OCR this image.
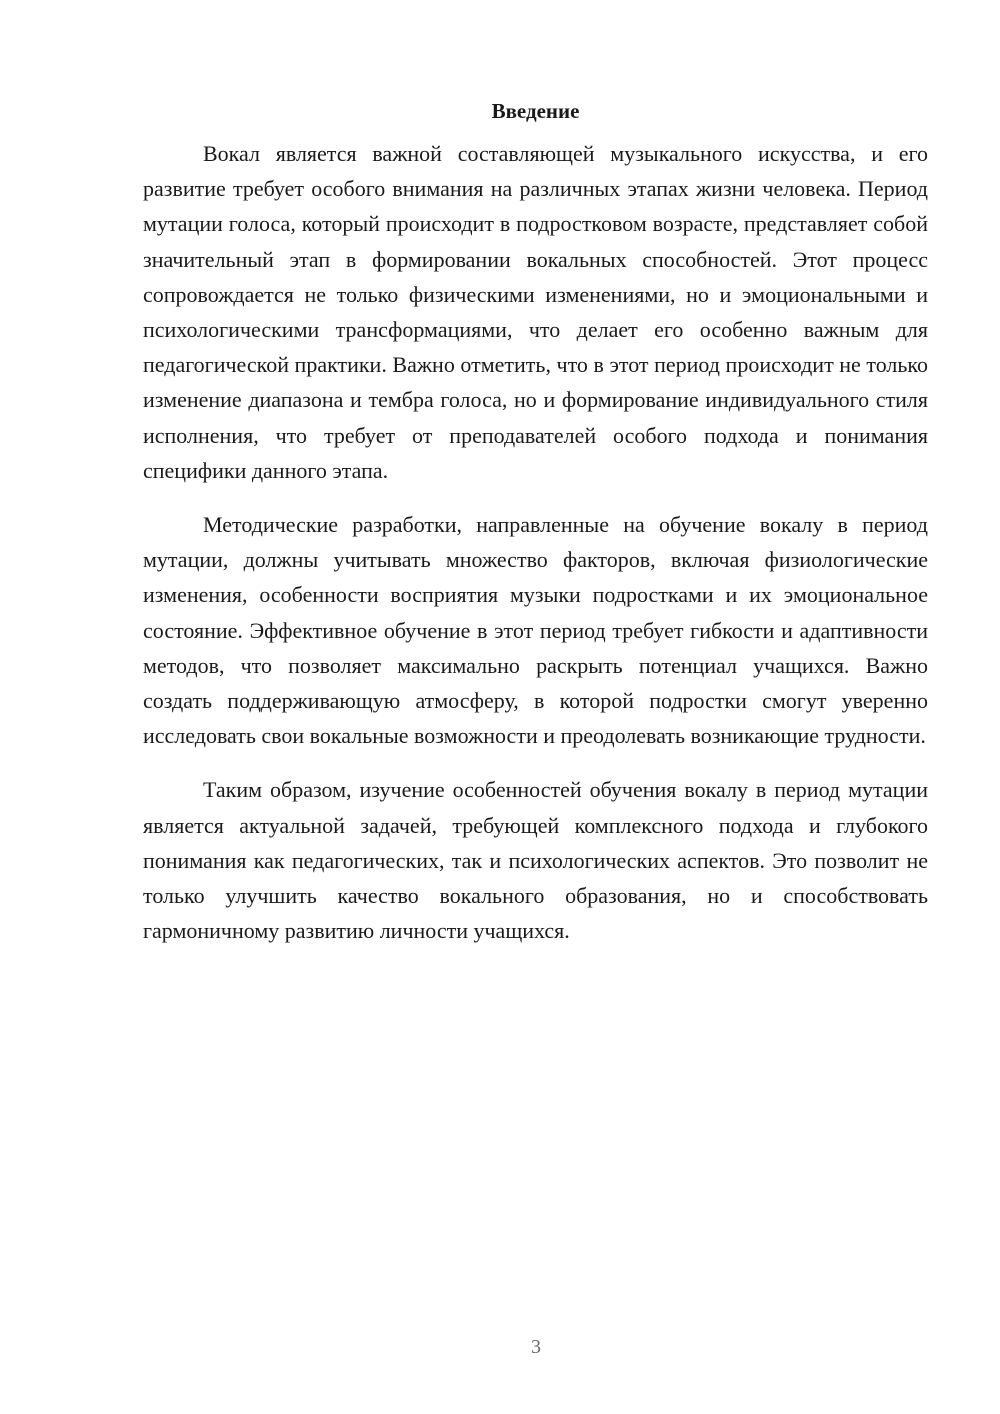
Введение

Вокал является важной составляющей музыкального искусства, и его развитие требует особого внимания на различных этапах жизни человека. Период мутации голоса, который происходит в подростковом возрасте, представляет собой значительный этап в формировании вокальных способностей. Этот процесс сопровождается не только физическими изменениями, но и эмоциональными и психологическими трансформациями, что делает его особенно важным для педагогической практики. Важно отметить, что в этот период происходит не только изменение диапазона и тембра голоса, но и формирование индивидуального стиля исполнения, что требует от преподавателей особого подхода и понимания специфики данного этапа.

Методические разработки, направленные на обучение вокалу в период мутации, должны учитывать множество факторов, включая физиологические изменения, особенности восприятия музыки подростками и их эмоциональное состояние. Эффективное обучение в этот период требует гибкости и адаптивности методов, что позволяет максимально раскрыть потенциал учащихся. Важно создать поддерживающую атмосферу, в которой подростки смогут уверенно исследовать свои вокальные возможности и преодолевать возникающие трудности.

Таким образом, изучение особенностей обучения вокалу в период мутации является актуальной задачей, требующей комплексного подхода и глубокого понимания как педагогических, так и психологических аспектов. Это позволит не только улучшить качество вокального образования, но и способствовать гармоничному развитию личности учащихся.

3
